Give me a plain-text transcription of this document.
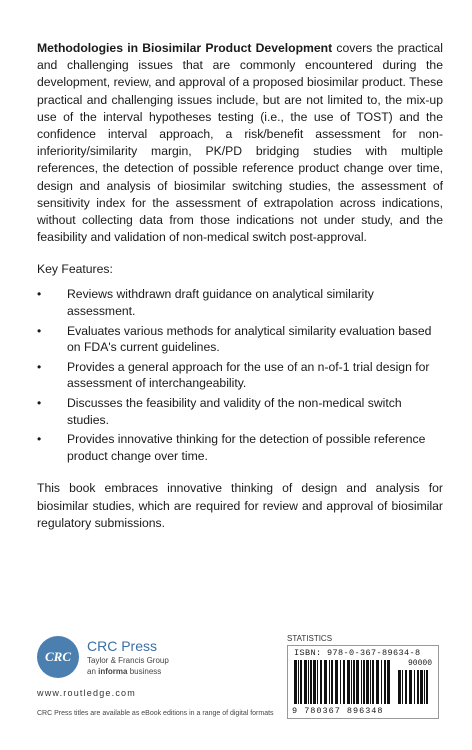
Methodologies in Biosimilar Product Development covers the practical and challenging issues that are commonly encountered during the development, review, and approval of a proposed biosimilar product. These practical and challenging issues include, but are not limited to, the mix-up use of the interval hypotheses testing (i.e., the use of TOST) and the confidence interval approach, a risk/benefit assessment for non-inferiority/similarity margin, PK/PD bridging studies with multiple references, the detection of possible reference product change over time, design and analysis of biosimilar switching studies, the assessment of sensitivity index for the assessment of extrapolation across indications, without collecting data from those indications not under study, and the feasibility and validation of non-medical switch post-approval.

Key Features:
• Reviews withdrawn draft guidance on analytical similarity assessment.
• Evaluates various methods for analytical similarity evaluation based on FDA's current guidelines.
• Provides a general approach for the use of an n-of-1 trial design for assessment of interchangeability.
• Discusses the feasibility and validity of the non-medical switch studies.
• Provides innovative thinking for the detection of possible reference product change over time.

This book embraces innovative thinking of design and analysis for biosimilar studies, which are required for review and approval of biosimilar regulatory submissions.

CRC
CRC Press
Taylor & Francis Group
an informa business
www.routledge.com
CRC Press titles are available as eBook editions in a range of digital formats
STATISTICS
ISBN: 978-0-367-89634-8
90000
9 780367 896348
